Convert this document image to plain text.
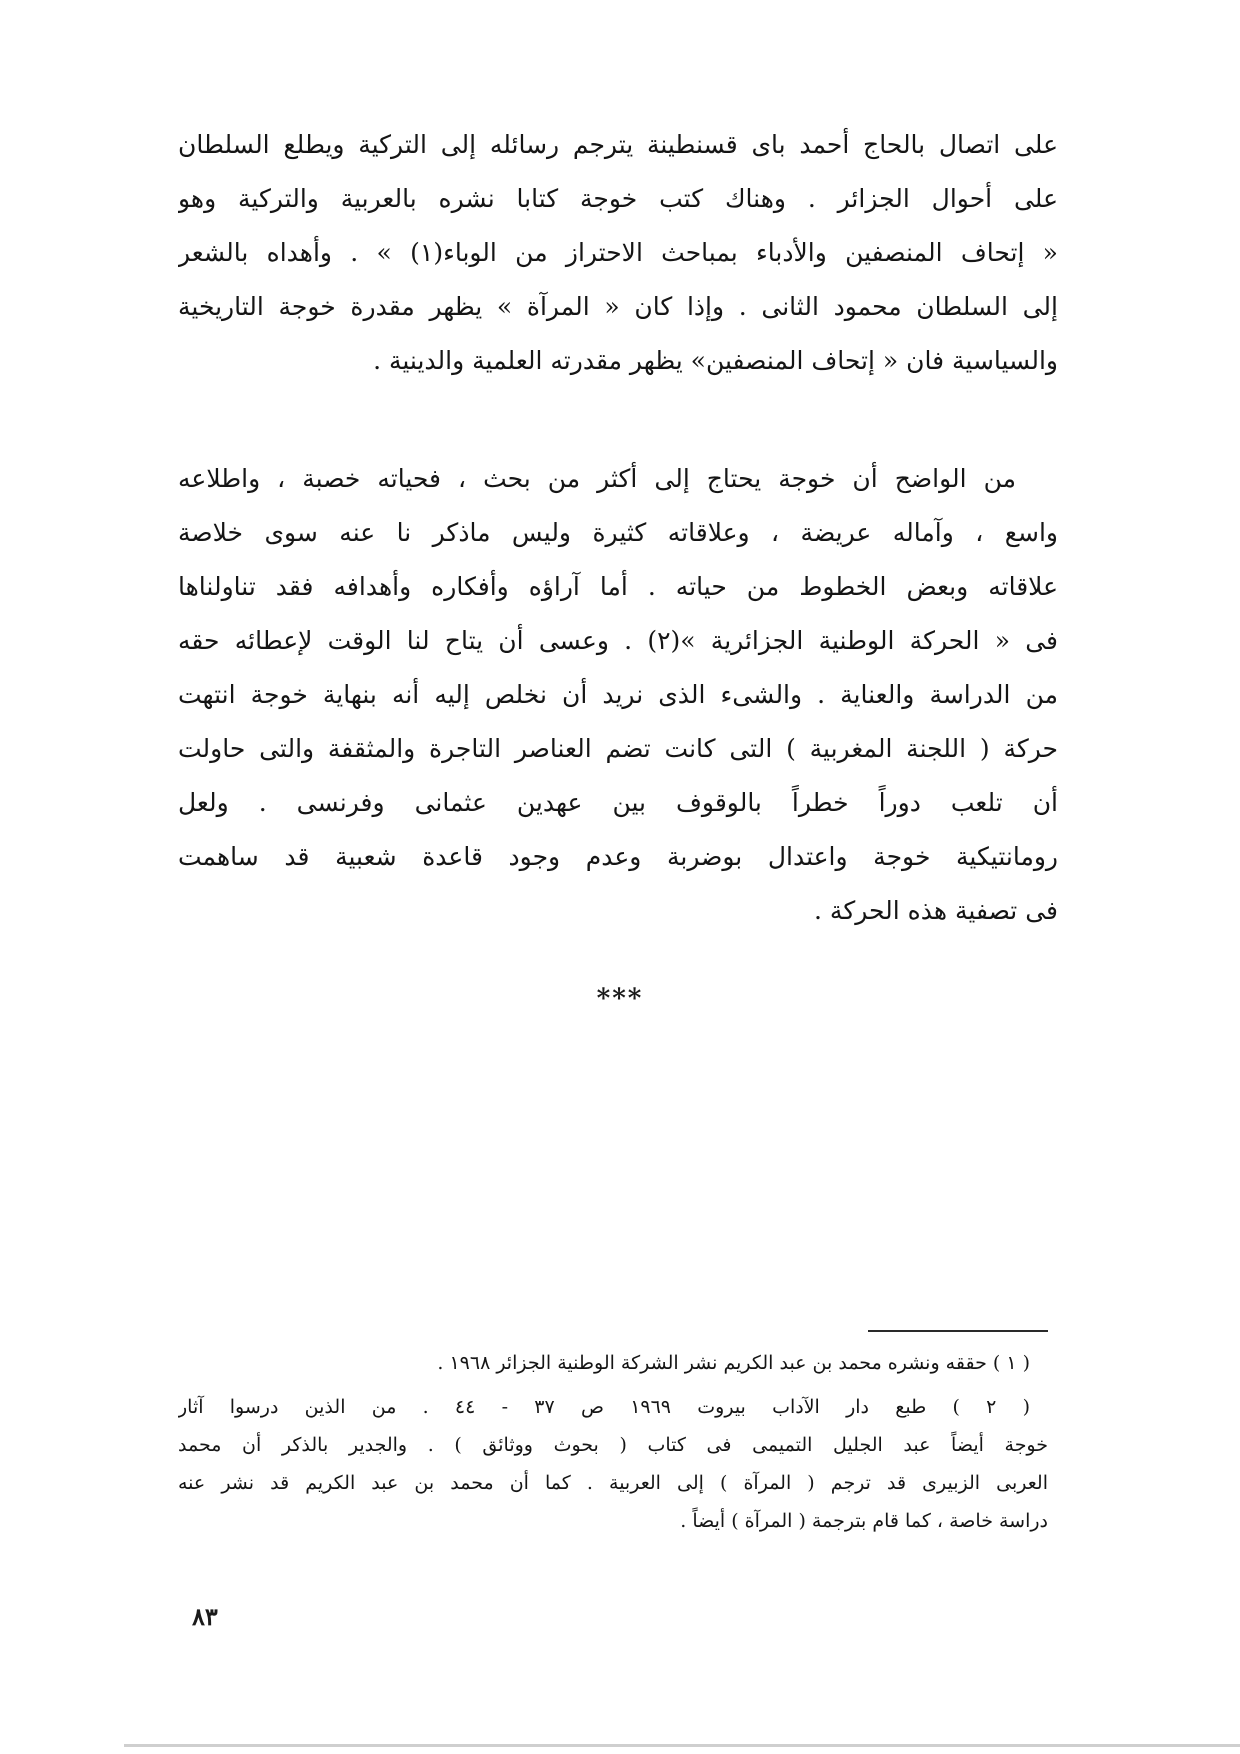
على اتصال بالحاج أحمد باى قسنطينة يترجم رسائله إلى التركية ويطلع السلطان
على أحوال الجزائر . وهناك كتب خوجة كتابا نشره بالعربية والتركية وهو
« إتحاف المنصفين والأدباء بمباحث الاحتراز من الوباء(١) » . وأهداه بالشعر
إلى السلطان محمود الثانى . وإذا كان « المرآة » يظهر مقدرة خوجة التاريخية
والسياسية فان « إتحاف المنصفين» يظهر مقدرته العلمية والدينية .
من الواضح أن خوجة يحتاج إلى أكثر من بحث ، فحياته خصبة ، واطلاعه
واسع ، وآماله عريضة ، وعلاقاته كثيرة وليس ماذكر نا عنه سوى خلاصة
علاقاته وبعض الخطوط من حياته . أما آراؤه وأفكاره وأهدافه فقد تناولناها
فى « الحركة الوطنية الجزائرية »(٢) . وعسى أن يتاح لنا الوقت لإعطائه حقه
من الدراسة والعناية . والشىء الذى نريد أن نخلص إليه أنه بنهاية خوجة انتهت
حركة ( اللجنة المغربية ) التى كانت تضم العناصر التاجرة والمثقفة والتى حاولت
أن تلعب دوراً خطراً بالوقوف بين عهدين عثمانى وفرنسى . ولعل
رومانتيكية خوجة واعتدال بوضربة وعدم وجود قاعدة شعبية قد ساهمت
فى تصفية هذه الحركة .
***
( ١ ) حققه ونشره محمد بن عبد الكريم نشر الشركة الوطنية الجزائر ١٩٦٨ .
( ٢ ) طبع دار الآداب بيروت ١٩٦٩ ص ٣٧ - ٤٤ . من الذين درسوا آثار
خوجة أيضاً عبد الجليل التميمى فى كتاب ( بحوث ووثائق ) . والجدير بالذكر أن محمد
العربى الزبيرى قد ترجم ( المرآة ) إلى العربية . كما أن محمد بن عبد الكريم قد نشر عنه
دراسة خاصة ، كما قام بترجمة ( المرآة ) أيضاً .
٨٣
